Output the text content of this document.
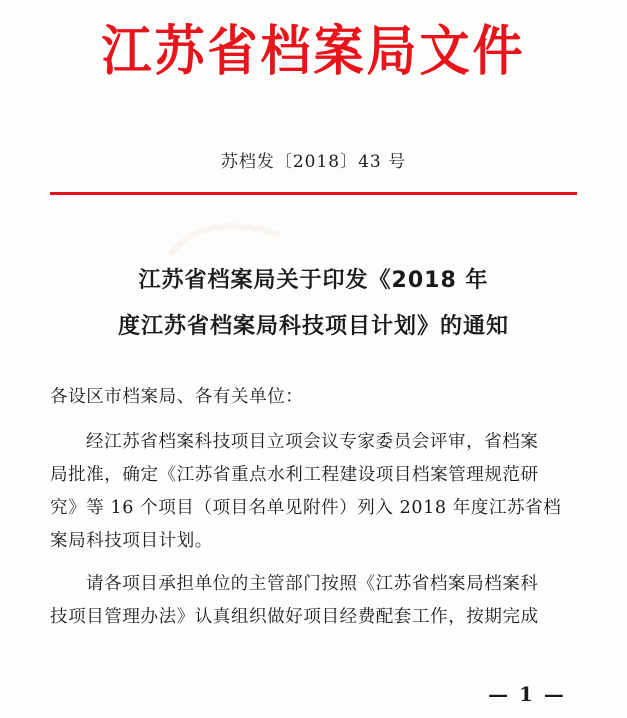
江苏省档案局文件
苏档发〔2018〕43 号
江苏省档案局关于印发《2018 年
度江苏省档案局科技项目计划》的通知
各设区市档案局、各有关单位：
经江苏省档案科技项目立项会议专家委员会评审，省档案
局批准，确定《江苏省重点水利工程建设项目档案管理规范研
究》等 16 个项目（项目名单见附件）列入 2018 年度江苏省档
案局科技项目计划。
请各项目承担单位的主管部门按照《江苏省档案局档案科
技项目管理办法》认真组织做好项目经费配套工作，按期完成
— 1 —
